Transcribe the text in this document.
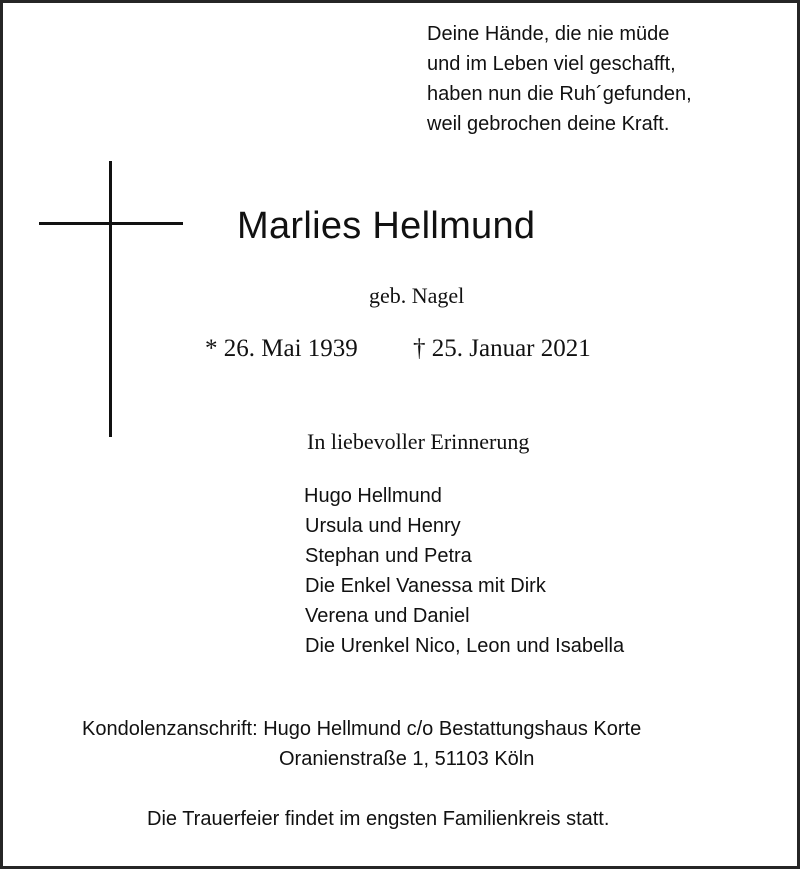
Deine Hände, die nie müde
und im Leben viel geschafft,
haben nun die Ruh´gefunden,
weil gebrochen deine Kraft.
Marlies Hellmund
geb. Nagel
* 26. Mai 1939 † 25. Januar 2021
In liebevoller Erinnerung
Hugo Hellmund
Ursula und Henry
Stephan und Petra
Die Enkel Vanessa mit Dirk
Verena und Daniel
Die Urenkel Nico, Leon und Isabella
Kondolenzanschrift: Hugo Hellmund c/o Bestattungshaus Korte
Oranienstraße 1, 51103 Köln
Die Trauerfeier findet im engsten Familienkreis statt.
